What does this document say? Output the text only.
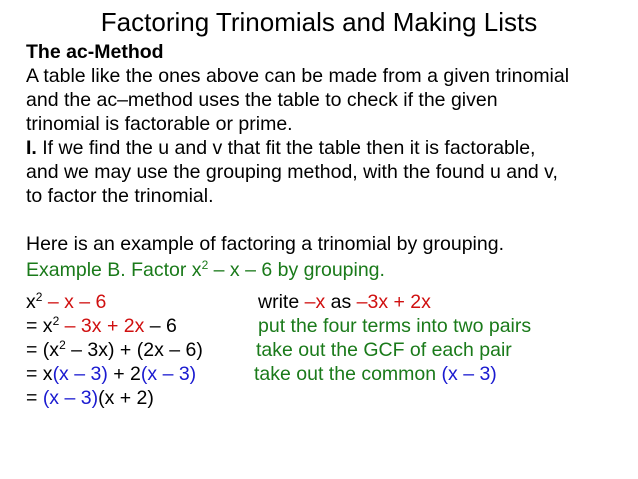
Factoring Trinomials and Making Lists
The ac-Method
A table like the ones above can be made from a given trinomial
and the ac–method uses the table to check if the given
trinomial is factorable or prime.
I. If we find the u and v that fit the table then it is factorable,
and we may use the grouping method, with the found u and v,
to factor the trinomial.
Here is an example of factoring a trinomial by grouping.
Example B. Factor $x^2$ – x – 6 by grouping.
$x^2$ – x – 6	write –x as –3x + 2x
= $x^2 - 3x + 2x - 6$	put the four terms into two pairs
= $(x^2 - 3x) + (2x - 6)$	take out the GCF of each pair
= x(x – 3) + 2(x – 3)	take out the common (x – 3)
= (x – 3)(x + 2)
